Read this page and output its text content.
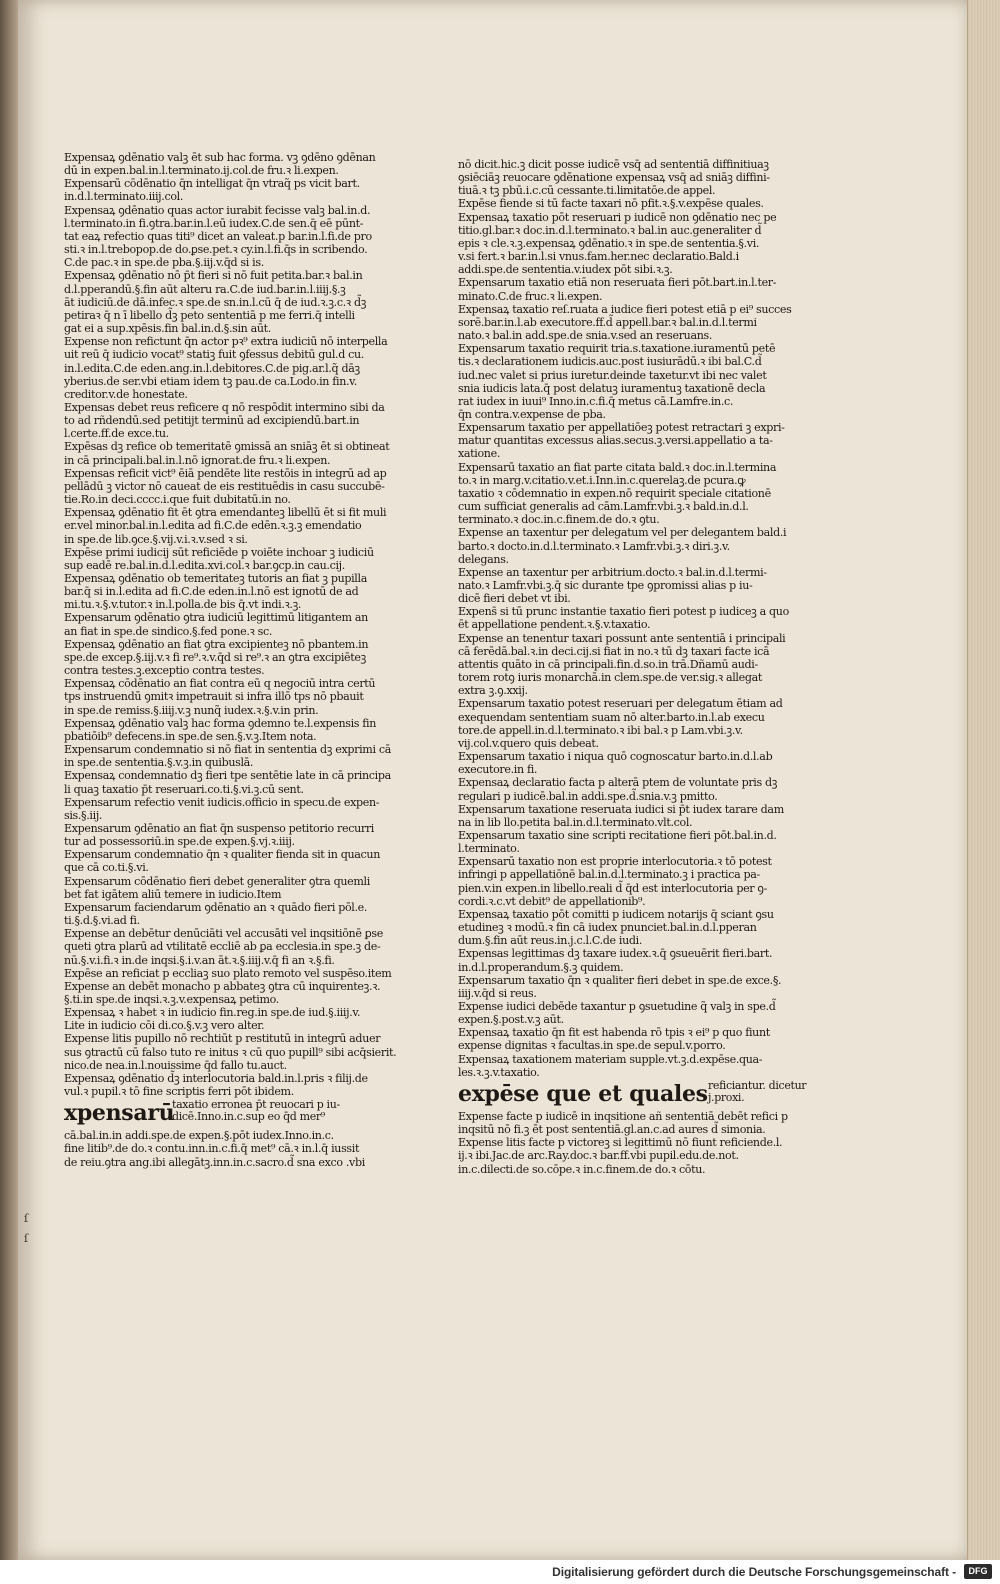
ſ
ſ
Expensaꝝ ꝯdēnatio valꝫ ēt sub hac forma. vꝫ ꝯdēno ꝯdēnan
dū in expen.bal.in.l.terminato.ij.col.de fru.ꝛ li.expen.
Expensarū cōdēnatio q̄n intelligat q̄n vtraq̃ ps vicit bart.
in.d.l.terminato.iiij.col.
Expensaꝝ ꝯdēnatio quas actor iurabit fecisse valꝫ bal.in.d.
l.terminato.in fi.ꝯtra.bar.in.l.eū iudex.C.de sen.q̄ eē pūnt-
tat eaꝝ refectio quas titi⁹ dicet an valeat.p bar.in.l.fi.de pro
sti.ꝛ in.l.trebopop.de do.ꝑse.pet.ꝛ cy.in.l.fi.q̄s in scribendo.
C.de pac.ꝛ in spe.de pba.§.iij.v.q̄d si is.
Expensaꝝ ꝯdēnatio nō p̄t fieri si nō fuit petita.bar.ꝛ bal.in
d.l.pperandū.§.fin aūt alteru ra.C.de iud.bar.in.l.iiij.§.ꝫ
āt iudiciū.de dā.infec.ꝛ spe.de sn.in.l.cū q̄ de iud.ꝛ.ꝫ.c.ꝛ d̃ꝫ
petiraꝛ q̄ n ī libello d̃ꝫ peto sententiā p me ferri.q̄ intelli
gat ei a sup.xpēsis.fin bal.in.d.§.sin aūt.
Expense non refictunt q̄n actor pꝛ⁹ extra iudiciū nō interpella
uit reū q̄ iudicio vocat⁹ statiꝫ fuit ꝯfessus debitū gul.d cu.
in.l.edita.C.de eden.ang.in.l.debitores.C.de pig.ar.l.q̃ dāꝫ
yberius.de ser.vbi etiam idem tꝫ pau.de ca.Lodo.in fin.v.
creditor.v.de honestate.
Expensas debet reus reficere q nō respōdit intermino sibi da
to ad rñdendū.sed petitijt terminū ad excipiendū.bart.in
l.certe.ff.de exce.tu.
Expēsas dꝫ refice ob temeritatē ꝯmissā an sniāꝫ ēt si obtineat
in cā principali.bal.in.l.nō ignorat.de fru.ꝛ li.expen.
Expensas reficit vict⁹ ēiā pendēte lite restōis in integrū ad ap
pellādū ꝫ victor nō caueat de eis restituēdis in casu succubē-
tie.Ro.in deci.cccc.i.que fuit dubitatū.in no.
Expensaꝝ ꝯdēnatio fit ēt ꝯtra emendanteꝫ libellū ēt si fit muli
er.vel minor.bal.in.l.edita ad fi.C.de edēn.ꝛ.ꝫ.ꝫ emendatio
in spe.de lib.ꝯce.§.vij.v.i.ꝛ.v.sed ꝛ si.
Expēse primi iudicij sūt reficiēde p voiēte inchoar ꝫ iudiciū
sup eadē re.bal.in.d.l.edita.xvi.col.ꝛ bar.ꝯcp.in cau.cij.
Expensaꝝ ꝯdēnatio ob temeritateꝫ tutoris an fiat ꝫ pupilla
bar.q̄ si in.l.edita ad fi.C.de eden.in.l.nō est ignotū de ad
mi.tu.ꝛ.§.v.tutor.ꝛ in.l.polla.de bis q̄.vt indi.ꝛ.ꝫ.
Expensarum ꝯdēnatio ꝯtra iudiciū legittimū litigantem an
an fiat in spe.de sindico.§.fed pone.ꝛ sc.
Expensaꝝ ꝯdēnatio an fiat ꝯtra excipienteꝫ nō pbantem.in
spe.de excep.§.iij.v.ꝛ fi re⁹.ꝛ.v.q̄d si re⁹.ꝛ an ꝯtra excipiēteꝫ
contra testes.ꝫ.exceptio contra testes.
Expensaꝝ cōdēnatio an fiat contra eū q negociū intra certū
tps instruendū ꝯmitꝛ impetrauit si infra illō tps nō pbauit
in spe.de remiss.§.iiij.v.ꝫ nunq̃ iudex.ꝛ.§.v.in prin.
Expensaꝝ ꝯdēnatio valꝫ hac forma ꝯdemno te.l.expensis fin
pbatiōib⁹ defecens.in spe.de sen.§.v.ꝫ.Item nota.
Expensarum condemnatio si nō fiat in sententia dꝫ exprimi cā
in spe.de sententia.§.v.ꝫ.in quibuslā.
Expensaꝝ condemnatio dꝫ fieri tpe sentētie late in cā principa
li quaꝫ taxatio p̄t reseruari.co.ti.§.vi.ꝫ.cū sent.
Expensarum refectio venit iudicis.officio in specu.de expen-
sis.§.iij.
Expensarum ꝯdēnatio an fiat q̄n suspenso petitorio recurri
tur ad possessoriū.in spe.de expen.§.vj.ꝛ.iiij.
Expensarum condemnatio q̄n ꝛ qualiter fienda sit in quacun
que cā co.ti.§.vi.
Expensarum cōdēnatio fieri debet generaliter ꝯtra quemli
bet fat igātem aliū temere in iudicio.Item
Expensarum faciendarum ꝯdēnatio an ꝛ quādo fieri pōl.e.
ti.§.d.§.vi.ad fi.
Expense an debētur denūciāti vel accusāti vel inqsitiōnē ꝑse
queti ꝯtra plarū ad vtilitatē eccliē ab ꝑa ecclesia.in spe.ꝫ de-
nū.§.v.i.fi.ꝛ in.de inqsi.§.i.v.an āt.ꝛ.§.iiij.v.q̄ fi an ꝛ.§.fi.
Expēse an reficiat p eccliaꝫ suo plato remoto vel suspēso.item
Expense an debēt monacho p abbateꝫ ꝯtra cū inquirenteꝫ.ꝛ.
§.ti.in spe.de inqsi.ꝛ.ꝫ.v.expensaꝝ petimo.
Expensaꝝ ꝛ habet ꝛ in iudicio fin.reg.in spe.de iud.§.iiij.v.
Lite in iudicio cōi di.co.§.v.ꝫ vero alter.
Expense litis pupillo nō rechtiūt p restitutū in integrū aduer
sus ꝯtractū cū falso tuto re initus ꝛ cū quo pupill⁹ sibi acq̄sierit.
nico.de nea.in.l.nouissime q̄d fallo tu.auct.
Expensaꝝ ꝯdēnatio d̃ꝫ interlocutoria bald.in.l.pris ꝛ filij.de
vul.ꝛ pupil.ꝛ tō fine scriptis ferri pōt ibidem.
xpensarū
taxatio erronea p̄t reuocari p iu-
dicē.Inno.in.c.sup eo q̄d mer⁹
cā.bal.in.in addi.spe.de expen.§.pōt iudex.Inno.in.c.
fine litib⁹.de do.ꝛ contu.inn.in.c.fi.q̄ met⁹ cā.ꝛ in.l.q̄ iussit
de reiu.ꝯtra ang.ibi allegātꝫ.inn.in.c.sacro.d̃ sna exco .vbi
nō dicit.hic.ꝫ dicit posse iudicē vsq̄ ad sententiā diffinitiuaꝫ
ꝯsiēciāꝫ reuocare ꝯdēnatione expensaꝝ vsq̄ ad sniāꝫ diffini-
tiuā.ꝛ tꝫ pbū.i.c.cū cessante.ti.limitatōe.de appel.
Expēse fiende si tū facte taxari nō pfit.ꝛ.§.v.expēse quales.
Expensaꝝ taxatio pōt reseruari p iudicē non ꝯdēnatio nec pe
titio.gl.bar.ꝛ doc.in.d.l.terminato.ꝛ bal.in auc.generaliter d̃
epis ꝛ cle.ꝛ.ꝫ.expensaꝝ ꝯdēnatio.ꝛ in spe.de sententia.§.vi.
v.si fert.ꝛ bar.in.l.si vnus.fam.her.nec declaratio.Bald.i
addi.spe.de sententia.v.iudex pōt sibi.ꝛ.ꝫ.
Expensarum taxatio etiā non reseruata fieri pōt.bart.in.l.ter-
minato.C.de fruc.ꝛ li.expen.
Expensaꝝ taxatio reſ.ruata a iudice fieri potest etiā p ei⁹ succes
sorē.bar.in.l.ab executore.ff.d̃ appell.bar.ꝛ bal.in.d.l.termi
nato.ꝛ bal.in add.spe.de snia.v.sed an reseruans.
Expensarum taxatio requirit tria.s.taxatione.iuramentū petē
tis.ꝛ declarationem iudicis.auc.post iusiurādū.ꝛ ibi bal.C.d̃
iud.nec valet si prius iuretur.deinde taxetur.vt ibi nec valet
snia iudicis lata.q̄ post delatuꝫ iuramentuꝫ taxationē decla
rat iudex in iuui⁹ Inno.in.c.fi.q̄ metus cā.Lamfre.in.c.
q̄n contra.v.expense de pba.
Expensarum taxatio per appellatiōeꝫ potest retractari ꝫ expri-
matur quantitas excessus alias.secus.ꝫ.versi.appellatio a ta-
xatione.
Expensarū taxatio an fiat parte citata bald.ꝛ doc.in.l.termina
to.ꝛ in marg.v.citatio.v.et.i.Inn.in.c.querelaꝫ.de pcura.ꝙ
taxatio ꝛ cōdemnatio in expen.nō requirit speciale citationē
cum sufficiat generalis ad cām.Lamfr.vbi.ꝫ.ꝛ bald.in.d.l.
terminato.ꝛ doc.in.c.finem.de do.ꝛ ꝯtu.
Expense an taxentur per delegatum vel per delegantem bald.i
barto.ꝛ docto.in.d.l.terminato.ꝛ Lamfr.vbi.ꝫ.ꝛ diri.ꝫ.v.
delegans.
Expense an taxentur per arbitrium.docto.ꝛ bal.in.d.l.termi-
nato.ꝛ Lamfr.vbi.ꝫ.q̄ sic durante tpe ꝯpromissi alias p iu-
dicē fieri debet vt ibi.
Expens̄ si tū prunc instantie taxatio fieri potest p iudiceꝫ a quo
ēt appellatione pendent.ꝛ.§.v.taxatio.
Expense an tenentur taxari possunt ante sententiā i principali
cā ferēdā.bal.ꝛ.in deci.cij.si fiat in no.ꝛ tū dꝫ taxari facte icā
attentis quāto in cā principali.fin.d.so.in trā.Dñamū audi-
torem rotꝯ iuris monarchā.in clem.spe.de ver.sig.ꝛ allegat
extra ꝫ.ꝯ.xxij.
Expensarum taxatio potest reseruari per delegatum ētiam ad
exequendam sententiam suam nō alter.barto.in.l.ab execu
tore.de appell.in.d.l.terminato.ꝛ ibi bal.ꝛ p Lam.vbi.ꝫ.v.
vij.col.v.quero quis debeat.
Expensarum taxatio i niqua quō cognoscatur barto.in.d.l.ab
executore.in fi.
Expensaꝝ declaratio facta p alterā ptem de voluntate pris dꝫ
regulari p iudicē.bal.in addi.spe.d̃.snia.v.ꝫ pmitto.
Expensarum taxatione reseruata iudici si p̄t iudex tarare dam
na in lib llo.petita bal.in.d.l.terminato.vlt.col.
Expensarum taxatio sine scripti recitatione fieri pōt.bal.in.d.
l.terminato.
Expensarū taxatio non est proprie interlocutoria.ꝛ tō potest
infringi p appellatiōnē bal.in.d.l.terminato.ꝫ i practica pa-
pien.v.in expen.in libello.reali d̃ q̄d est interlocutoria per ꝯ-
cordi.ꝛ.c.vt debit⁹ de appellationib⁹.
Expensaꝝ taxatio pōt comitti p iudicem notarijs q̄ sciant ꝯsu
etudineꝫ ꝛ modū.ꝛ fin cā iudex pnunciet.bal.in.d.l.pperan
dum.§.fin aūt reus.in.j.c.l.C.de iudi.
Expensas legittimas dꝫ taxare iudex.ꝛ.q̄ ꝯsueuērit fieri.bart.
in.d.l.properandum.§.ꝫ quidem.
Expensarum taxatio q̄n ꝛ qualiter fieri debet in spe.de exce.§.
iiij.v.q̄d si reus.
Expense iudici debēde taxantur p ꝯsuetudine q̃ valꝫ in spe.d̃
expen.§.post.v.ꝫ aūt.
Expensaꝝ taxatio q̄n fit est habenda rō tpis ꝛ ei⁹ p quo fiunt
expense dignitas ꝛ facultas.in spe.de sepul.v.porro.
Expensaꝝ taxationem materiam supple.vt.ꝫ.d.expēse.qua-
les.ꝛ.ꝫ.v.taxatio.
expēse que et quales reficiantur. dicetur
j.proxi.
Expense facte p iudicē in inqsitione añ sententiā debēt refici p
inqsitū nō fi.ꝫ ēt post sententiā.gl.an.c.ad aures d̃ simonia.
Expense litis facte p victoreꝫ si legittimū nō fiunt reficiende.l.
ij.ꝛ ibi.Jac.de arc.Ray.doc.ꝛ bar.ff.vbi pupil.edu.de.not.
in.c.dilecti.de so.cōpe.ꝛ in.c.finem.de do.ꝛ cōtu.
Digitalisierung gefördert durch die Deutsche Forschungsgemeinschaft -	DFG
